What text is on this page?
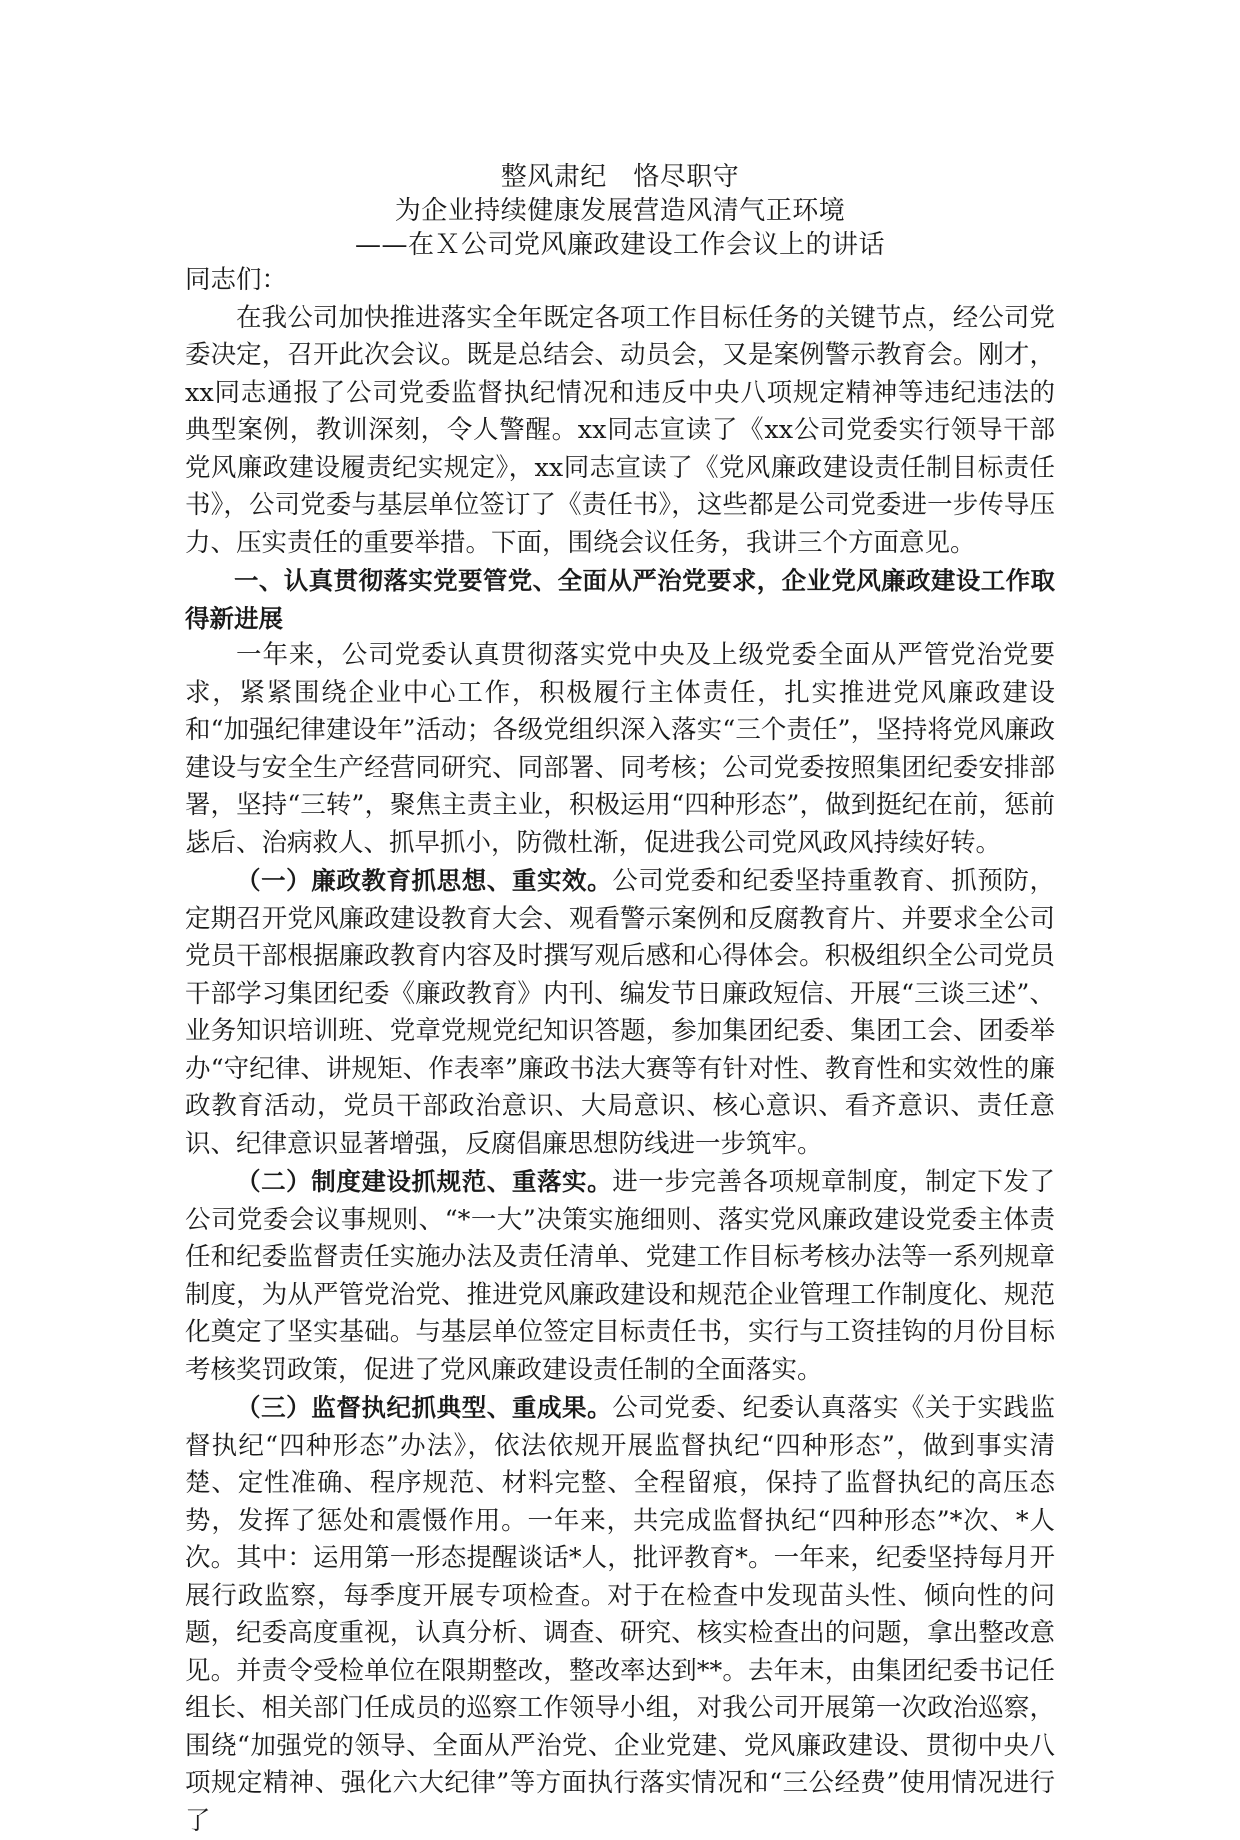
整风肃纪　恪尽职守
为企业持续健康发展营造风清气正环境
——在Ｘ公司党风廉政建设工作会议上的讲话

同志们：

在我公司加快推进落实全年既定各项工作目标任务的关键节点，经公司党委决定，召开此次会议。既是总结会、动员会，又是案例警示教育会。刚才，xx同志通报了公司党委监督执纪情况和违反中央八项规定精神等违纪违法的典型案例，教训深刻，令人警醒。xx同志宣读了《xx公司党委实行领导干部党风廉政建设履责纪实规定》，xx同志宣读了《党风廉政建设责任制目标责任书》，公司党委与基层单位签订了《责任书》，这些都是公司党委进一步传导压力、压实责任的重要举措。下面，围绕会议任务，我讲三个方面意见。

一、认真贯彻落实党要管党、全面从严治党要求，企业党风廉政建设工作取得新进展

一年来，公司党委认真贯彻落实党中央及上级党委全面从严管党治党要求，紧紧围绕企业中心工作，积极履行主体责任，扎实推进党风廉政建设和“加强纪律建设年”活动；各级党组织深入落实“三个责任”，坚持将党风廉政建设与安全生产经营同研究、同部署、同考核；公司党委按照集团纪委安排部署，坚持“三转”，聚焦主责主业，积极运用“四种形态”，做到挺纪在前，惩前毖后、治病救人、抓早抓小，防微杜渐，促进我公司党风政风持续好转。

（一）廉政教育抓思想、重实效。公司党委和纪委坚持重教育、抓预防，定期召开党风廉政建设教育大会、观看警示案例和反腐教育片、并要求全公司党员干部根据廉政教育内容及时撰写观后感和心得体会。积极组织全公司党员干部学习集团纪委《廉政教育》内刊、编发节日廉政短信、开展“三谈三述”、业务知识培训班、党章党规党纪知识答题，参加集团纪委、集团工会、团委举办“守纪律、讲规矩、作表率”廉政书法大赛等有针对性、教育性和实效性的廉政教育活动，党员干部政治意识、大局意识、核心意识、看齐意识、责任意识、纪律意识显著增强，反腐倡廉思想防线进一步筑牢。

（二）制度建设抓规范、重落实。进一步完善各项规章制度，制定下发了公司党委会议事规则、“*一大”决策实施细则、落实党风廉政建设党委主体责任和纪委监督责任实施办法及责任清单、党建工作目标考核办法等一系列规章制度，为从严管党治党、推进党风廉政建设和规范企业管理工作制度化、规范化奠定了坚实基础。与基层单位签定目标责任书，实行与工资挂钩的月份目标考核奖罚政策，促进了党风廉政建设责任制的全面落实。

（三）监督执纪抓典型、重成果。公司党委、纪委认真落实《关于实践监督执纪“四种形态”办法》，依法依规开展监督执纪“四种形态”，做到事实清楚、定性准确、程序规范、材料完整、全程留痕，保持了监督执纪的高压态势，发挥了惩处和震慑作用。一年来，共完成监督执纪“四种形态”*次、*人次。其中：运用第一形态提醒谈话*人，批评教育*。一年来，纪委坚持每月开展行政监察，每季度开展专项检查。对于在检查中发现苗头性、倾向性的问题，纪委高度重视，认真分析、调查、研究、核实检查出的问题，拿出整改意见。并责令受检单位在限期整改，整改率达到**。去年末，由集团纪委书记任组长、相关部门任成员的巡察工作领导小组，对我公司开展第一次政治巡察，围绕“加强党的领导、全面从严治党、企业党建、党风廉政建设、贯彻中央八项规定精神、强化六大纪律”等方面执行落实情况和“三公经费”使用情况进行了
